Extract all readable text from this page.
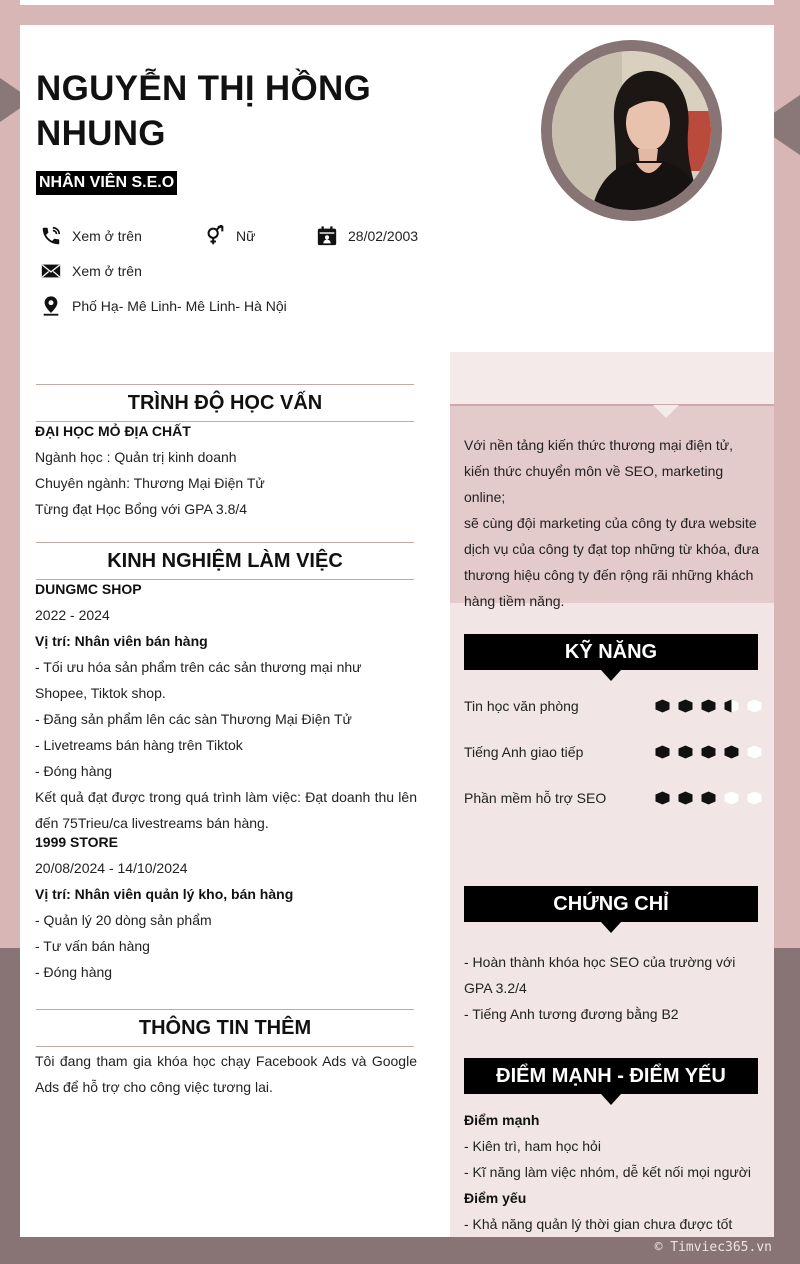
NGUYỄN THỊ HỒNG NHUNG
NHÂN VIÊN S.E.O
Xem ở trên	Nữ	28/02/2003
Xem ở trên
Phố Hạ- Mê Linh- Mê Linh- Hà Nội
TRÌNH ĐỘ HỌC VẤN
ĐẠI HỌC MỎ ĐỊA CHẤT
Ngành học : Quản trị kinh doanh
Chuyên ngành: Thương Mại Điện Tử
Từng đạt Học Bổng với GPA 3.8/4
KINH NGHIỆM LÀM VIỆC
DUNGMC SHOP
2022 - 2024
Vị trí: Nhân viên bán hàng
- Tối ưu hóa sản phẩm trên các sản thương mại như Shopee, Tiktok shop.
- Đăng sản phẩm lên các sàn Thương Mại Điện Tử
- Livetreams bán hàng trên Tiktok
- Đóng hàng
Kết quả đạt được trong quá trình làm việc: Đạt doanh thu lên đến 75Trieu/ca livestreams bán hàng.
1999 STORE
20/08/2024 - 14/10/2024
Vị trí: Nhân viên quản lý kho, bán hàng
- Quản lý 20 dòng sản phẩm
- Tư vấn bán hàng
- Đóng hàng
THÔNG TIN THÊM
Tôi đang tham gia khóa học chạy Facebook Ads và Google Ads để hỗ trợ cho công việc tương lai.
Với nền tảng kiến thức thương mại điện tử, kiến thức chuyển môn về SEO, marketing online;
sẽ cùng đội marketing của công ty đưa website dịch vụ của công ty đạt top những từ khóa, đưa thương hiệu công ty đến rộng rãi những khách hàng tiềm năng.
KỸ NĂNG
Tin học văn phòng
Tiếng Anh giao tiếp
Phần mềm hỗ trợ SEO
CHỨNG CHỈ
- Hoàn thành khóa học SEO của trường với GPA 3.2/4
- Tiếng Anh tương đương bằng B2
ĐIỂM MẠNH - ĐIỂM YẾU
Điểm mạnh
- Kiên trì, ham học hỏi
- Kĩ năng làm việc nhóm, dễ kết nối mọi người
Điểm yếu
- Khả năng quản lý thời gian chưa được tốt
© Timviec365.vn
